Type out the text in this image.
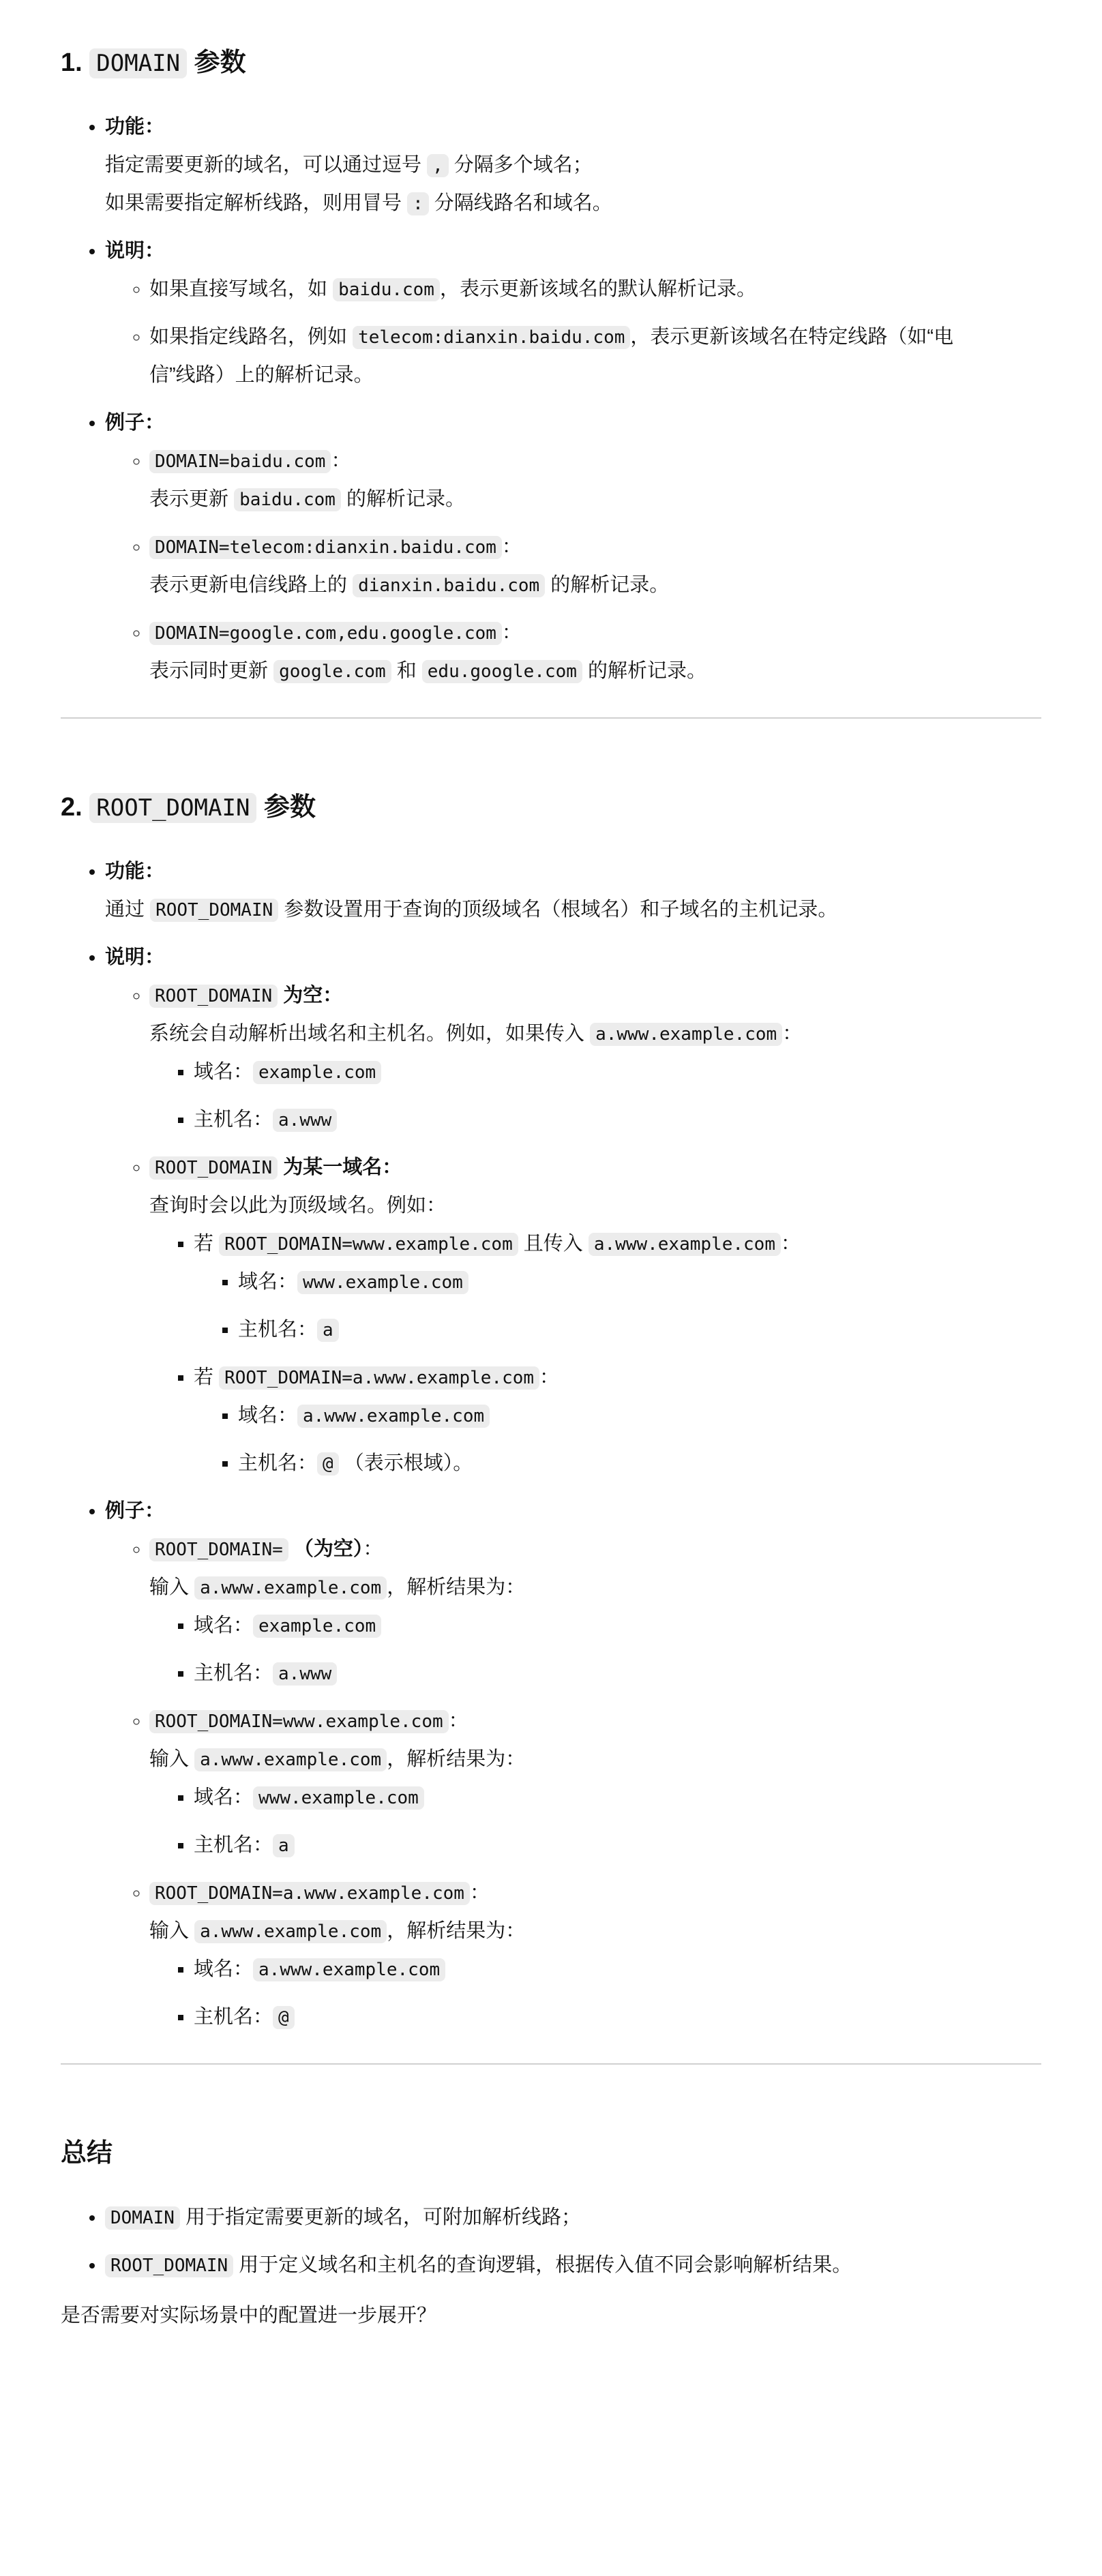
1. DOMAIN 参数
• 功能：
指定需要更新的域名，可以通过逗号 , 分隔多个域名；
如果需要指定解析线路，则用冒号 : 分隔线路名和域名。
• 说明：
◦ 如果直接写域名，如 baidu.com ，表示更新该域名的默认解析记录。
◦ 如果指定线路名，例如 telecom:dianxin.baidu.com ，表示更新该域名在特定线路（如“电
信”线路）上的解析记录。
• 例子：
◦ DOMAIN=baidu.com ：
表示更新 baidu.com 的解析记录。
◦ DOMAIN=telecom:dianxin.baidu.com ：
表示更新电信线路上的 dianxin.baidu.com 的解析记录。
◦ DOMAIN=google.com,edu.google.com ：
表示同时更新 google.com 和 edu.google.com 的解析记录。
2. ROOT_DOMAIN 参数
• 功能：
通过 ROOT_DOMAIN 参数设置用于查询的顶级域名（根域名）和子域名的主机记录。
• 说明：
◦ ROOT_DOMAIN 为空：
系统会自动解析出域名和主机名。例如，如果传入 a.www.example.com ：
▪ 域名： example.com
▪ 主机名： a.www
◦ ROOT_DOMAIN 为某一域名：
查询时会以此为顶级域名。例如：
▪ 若 ROOT_DOMAIN=www.example.com 且传入 a.www.example.com ：
▪ 域名： www.example.com
▪ 主机名： a
▪ 若 ROOT_DOMAIN=a.www.example.com ：
▪ 域名： a.www.example.com
▪ 主机名： @ （表示根域）。
• 例子：
◦ ROOT_DOMAIN= （为空）：
输入 a.www.example.com ，解析结果为：
▪ 域名： example.com
▪ 主机名： a.www
◦ ROOT_DOMAIN=www.example.com ：
输入 a.www.example.com ，解析结果为：
▪ 域名： www.example.com
▪ 主机名： a
◦ ROOT_DOMAIN=a.www.example.com ：
输入 a.www.example.com ，解析结果为：
▪ 域名： a.www.example.com
▪ 主机名： @
总结
• DOMAIN 用于指定需要更新的域名，可附加解析线路；
• ROOT_DOMAIN 用于定义域名和主机名的查询逻辑，根据传入值不同会影响解析结果。

是否需要对实际场景中的配置进一步展开？
